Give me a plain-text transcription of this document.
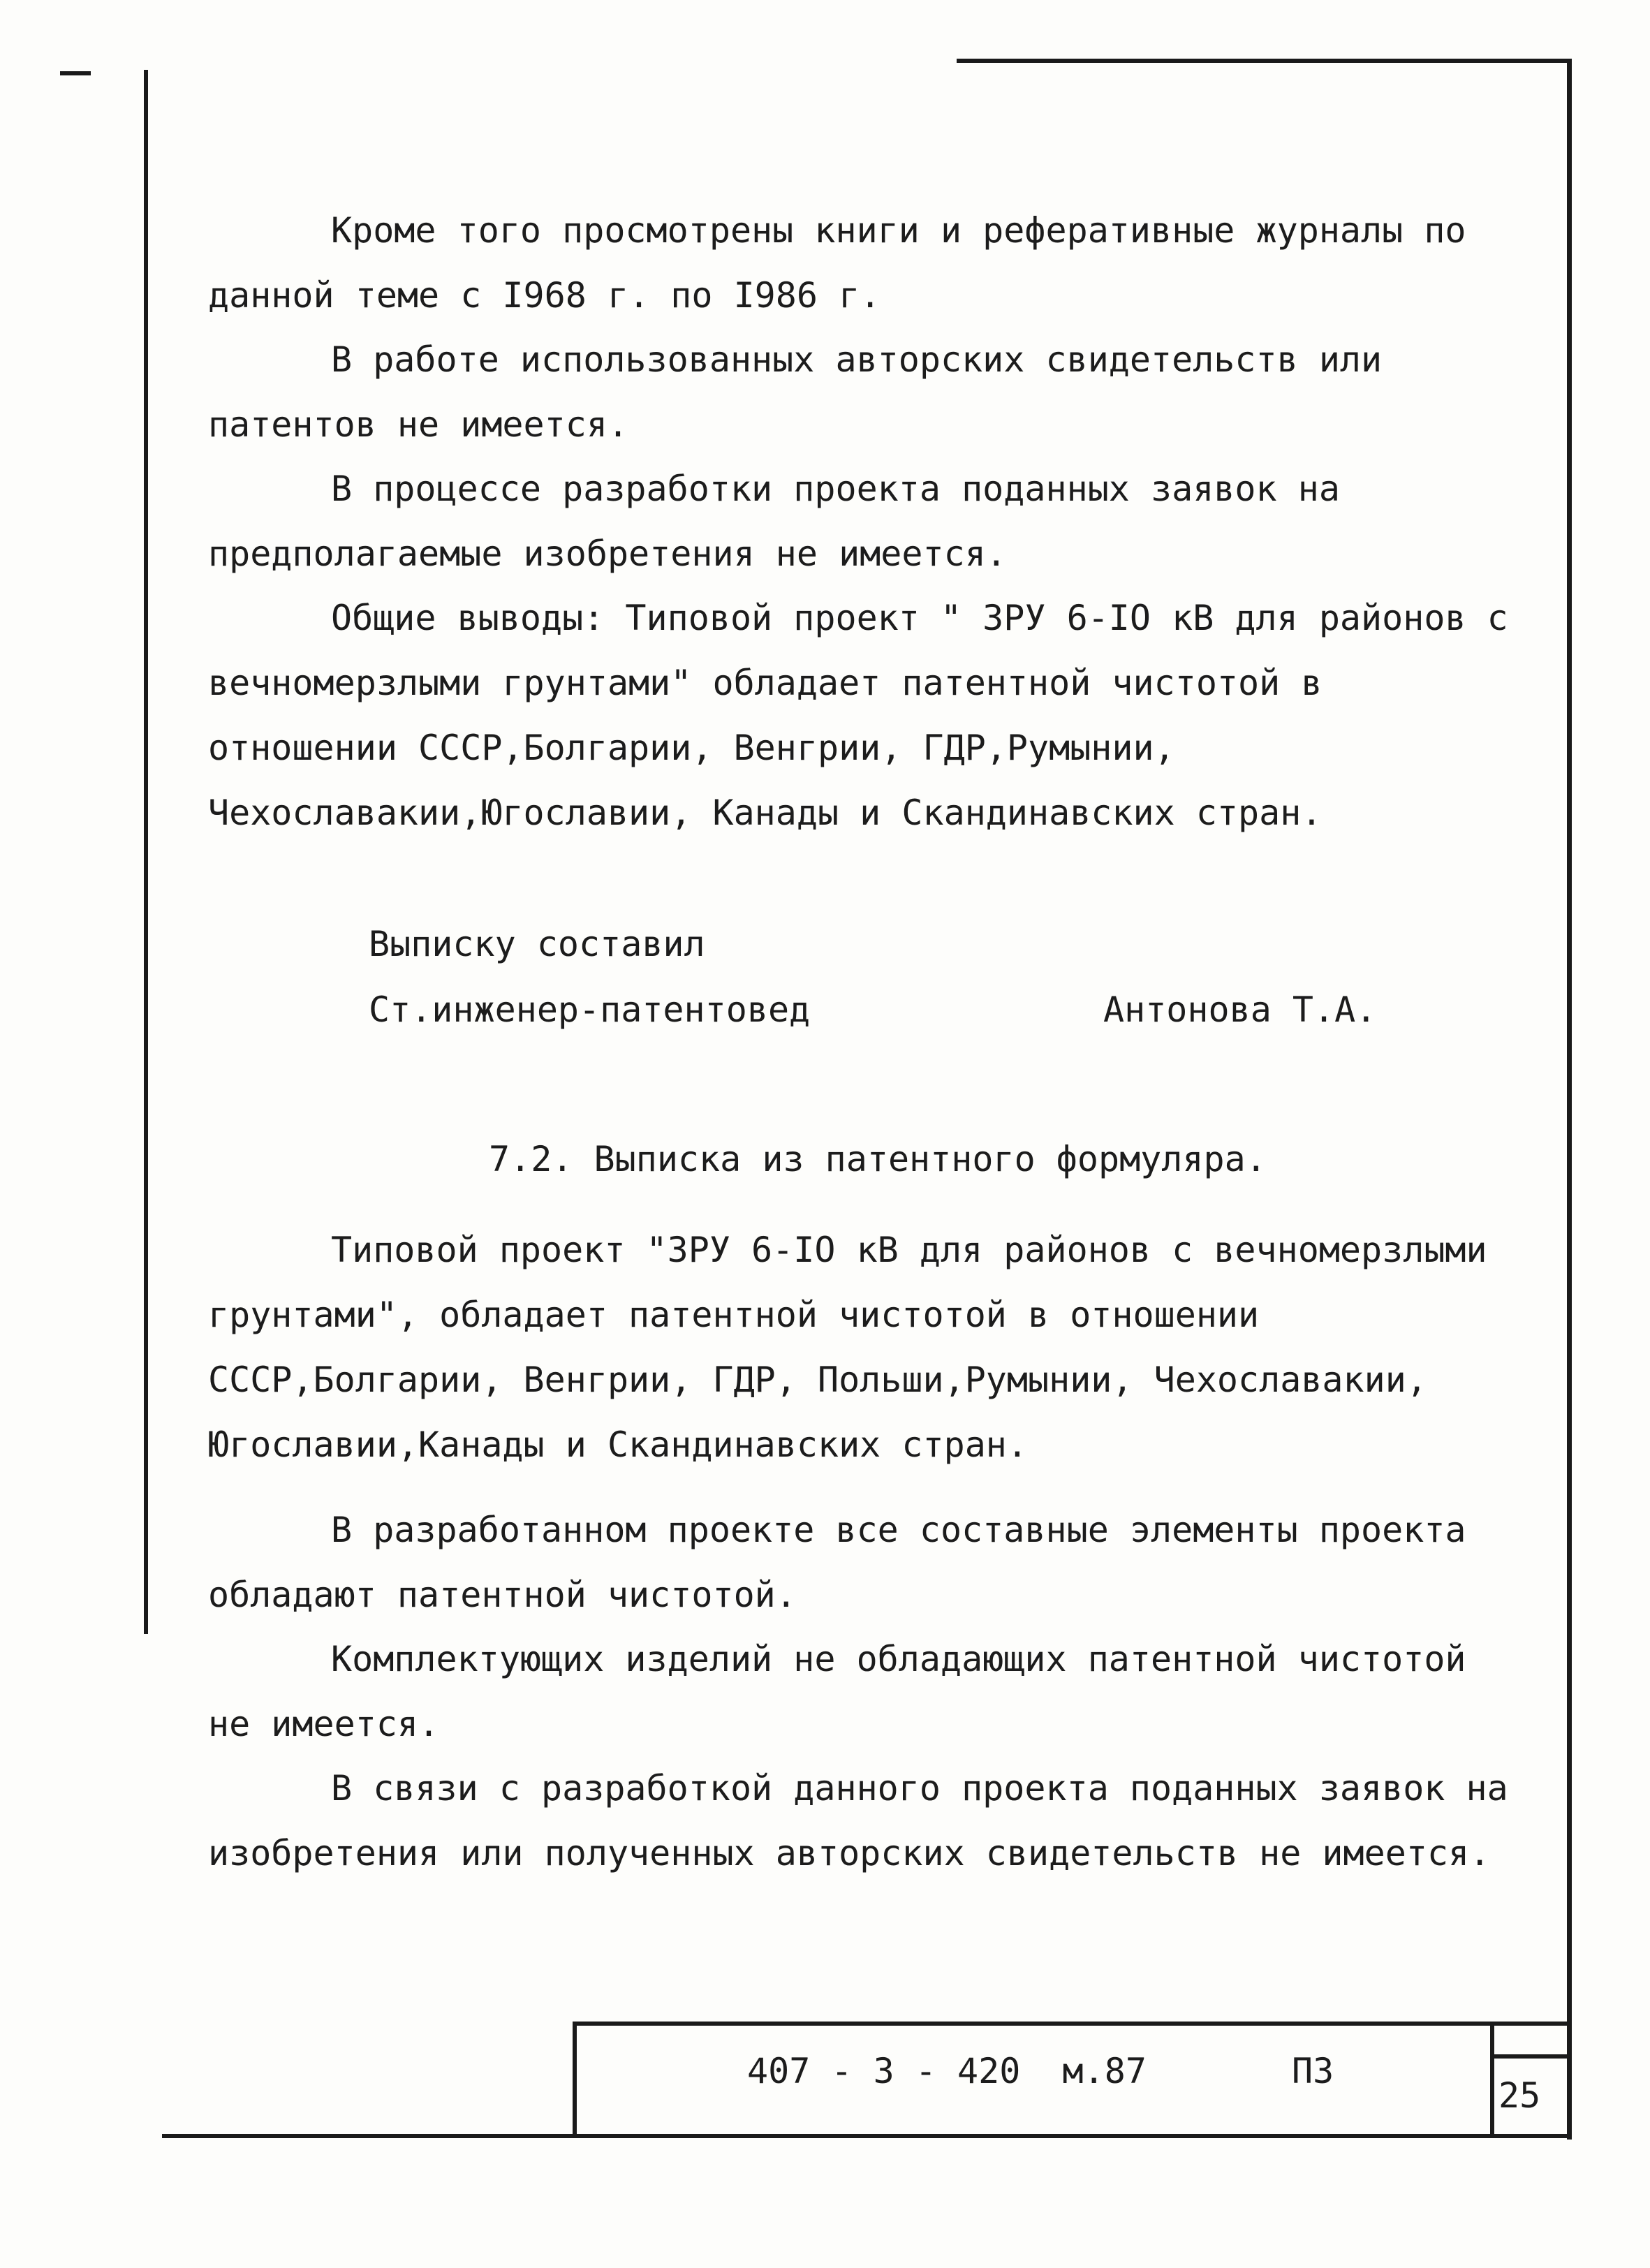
Кроме того просмотрены книги и реферативные журналы по данной теме с I968 г. по I986 г.

В работе использованных авторских свидетельств или патентов не имеется.

В процессе разработки проекта поданных заявок на предполагаемые изобретения не имеется.

Общие выводы: Типовой проект " ЗРУ 6-IO кВ для районов с вечномерзлыми грунтами" обладает патентной чистотой в отношении СССР,Болгарии, Венгрии, ГДР,Румынии, Чехославакии,Югославии, Канады и Скандинавских стран.

Выписку составил

Ст.инженер-патентовед	Антонова Т.А.

7.2. Выписка из патентного формуляра.

Типовой проект "ЗРУ 6-IO кВ для районов с вечномерзлыми грунтами", обладает патентной чистотой в отношении СССР,Болгарии, Венгрии, ГДР, Польши,Румынии, Чехославакии, Югославии,Канады и Скандинавских стран.

В разработанном проекте все составные элементы проекта обладают патентной чистотой.

Комплектующих изделий не обладающих патентной чистотой не имеется.

В связи с разработкой данного проекта поданных заявок на изобретения или полученных авторских свидетельств не имеется.

407 - 3 - 420  м.87	ПЗ
25
